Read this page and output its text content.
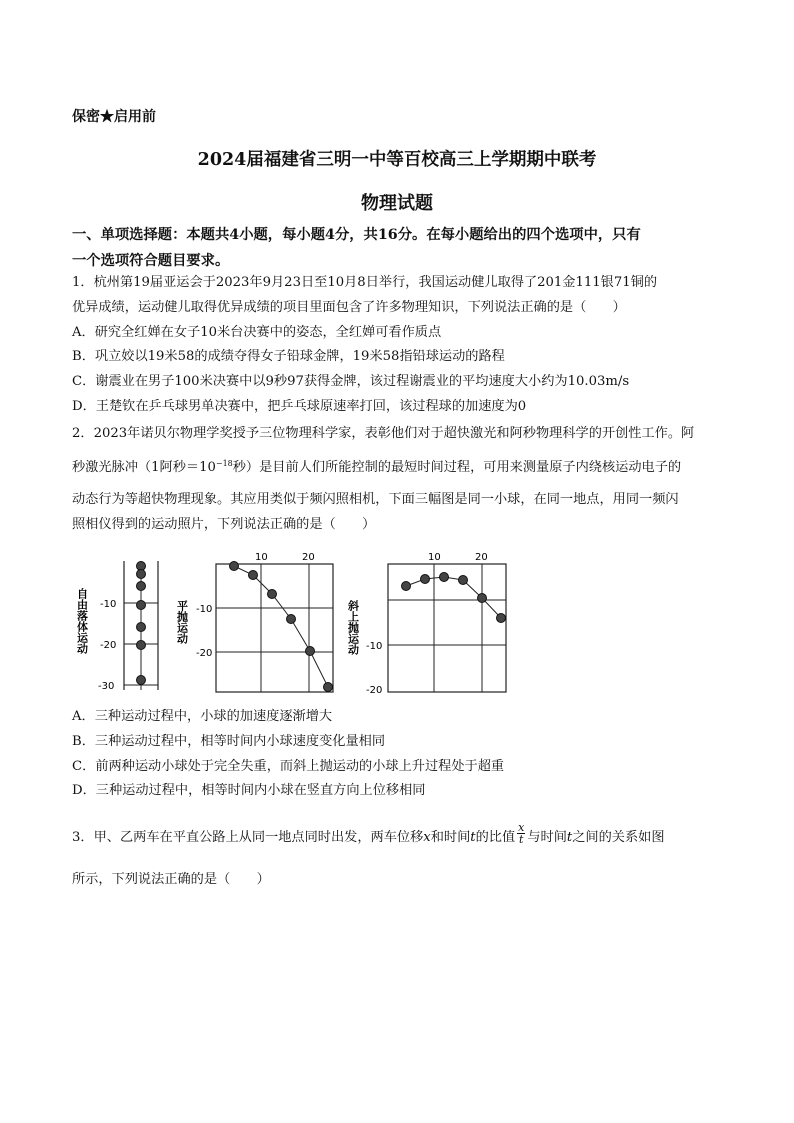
保密★启用前
2024届福建省三明一中等百校高三上学期期中联考
物理试题
一、单项选择题：本题共4小题，每小题4分，共16分。在每小题给出的四个选项中，只有
一个选项符合题目要求。
1．杭州第19届亚运会于2023年9月23日至10月8日举行，我国运动健儿取得了201金111银71铜的
优异成绩，运动健儿取得优异成绩的项目里面包含了许多物理知识，下列说法正确的是（　　）
A．研究全红婵在女子10米台决赛中的姿态，全红婵可看作质点
B．巩立姣以19米58的成绩夺得女子铅球金牌，19米58指铅球运动的路程
C．谢震业在男子100米决赛中以9秒97获得金牌，该过程谢震业的平均速度大小约为10.03m/s
D．王楚钦在乒乓球男单决赛中，把乒乓球原速率打回，该过程球的加速度为0
2．2023年诺贝尔物理学奖授予三位物理科学家，表彰他们对于超快激光和阿秒物理科学的开创性工作。阿
秒激光脉冲（1阿秒$=10^{-18}$秒）是目前人们所能控制的最短时间过程，可用来测量原子内绕核运动电子的
动态行为等超快物理现象。其应用类似于频闪照相机，下面三幅图是同一小球，在同一地点，用同一频闪
照相仪得到的运动照片，下列说法正确的是（　　）
自由落体运动 -10
-20
-30
平抛运动
10	20
-10
-20	斜上抛运动
10	20
-10
-20
A．三种运动过程中，小球的加速度逐渐增大
B．三种运动过程中，相等时间内小球速度变化量相同
C．前两种运动小球处于完全失重，而斜上抛运动的小球上升过程处于超重
D．三种运动过程中，相等时间内小球在竖直方向上位移相同
3．甲、乙两车在平直公路上从同一地点同时出发，两车位移x和时间t的比值 $\frac{x}{t}$ 与时间t之间的关系如图
所示，下列说法正确的是（　　）
